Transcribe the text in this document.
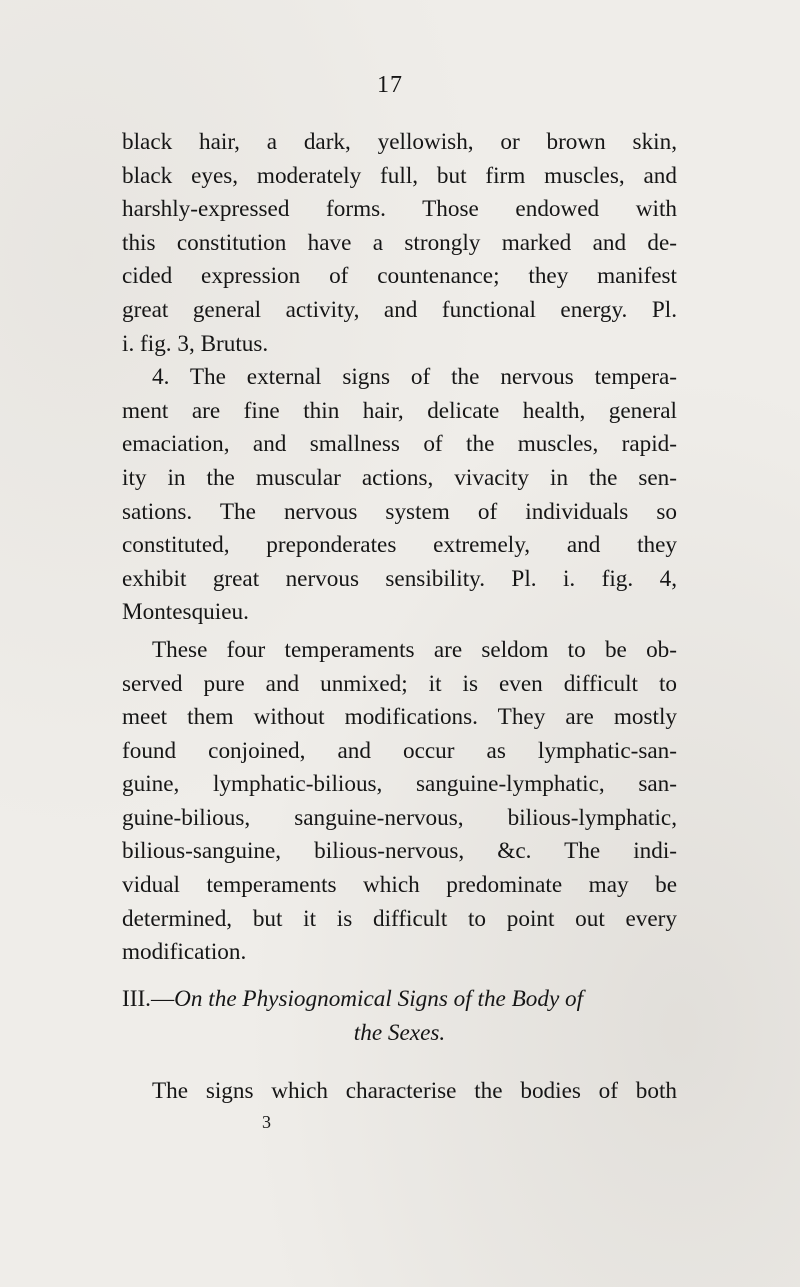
17

black hair, a dark, yellowish, or brown skin,
black eyes, moderately full, but firm muscles, and
harshly-expressed forms. Those endowed with
this constitution have a strongly marked and de-
cided expression of countenance; they manifest
great general activity, and functional energy. Pl.
i. fig. 3, Brutus.

4. The external signs of the nervous tempera-
ment are fine thin hair, delicate health, general
emaciation, and smallness of the muscles, rapid-
ity in the muscular actions, vivacity in the sen-
sations. The nervous system of individuals so
constituted, preponderates extremely, and they
exhibit great nervous sensibility. Pl. i. fig. 4,
Montesquieu.

These four temperaments are seldom to be ob-
served pure and unmixed; it is even difficult to
meet them without modifications. They are mostly
found conjoined, and occur as lymphatic-san-
guine, lymphatic-bilious, sanguine-lymphatic, san-
guine-bilious, sanguine-nervous, bilious-lymphatic,
bilious-sanguine, bilious-nervous, &c. The indi-
vidual temperaments which predominate may be
determined, but it is difficult to point out every
modification.

III.—On the Physiognomical Signs of the Body of
the Sexes.
The signs which characterise the bodies of both
3
